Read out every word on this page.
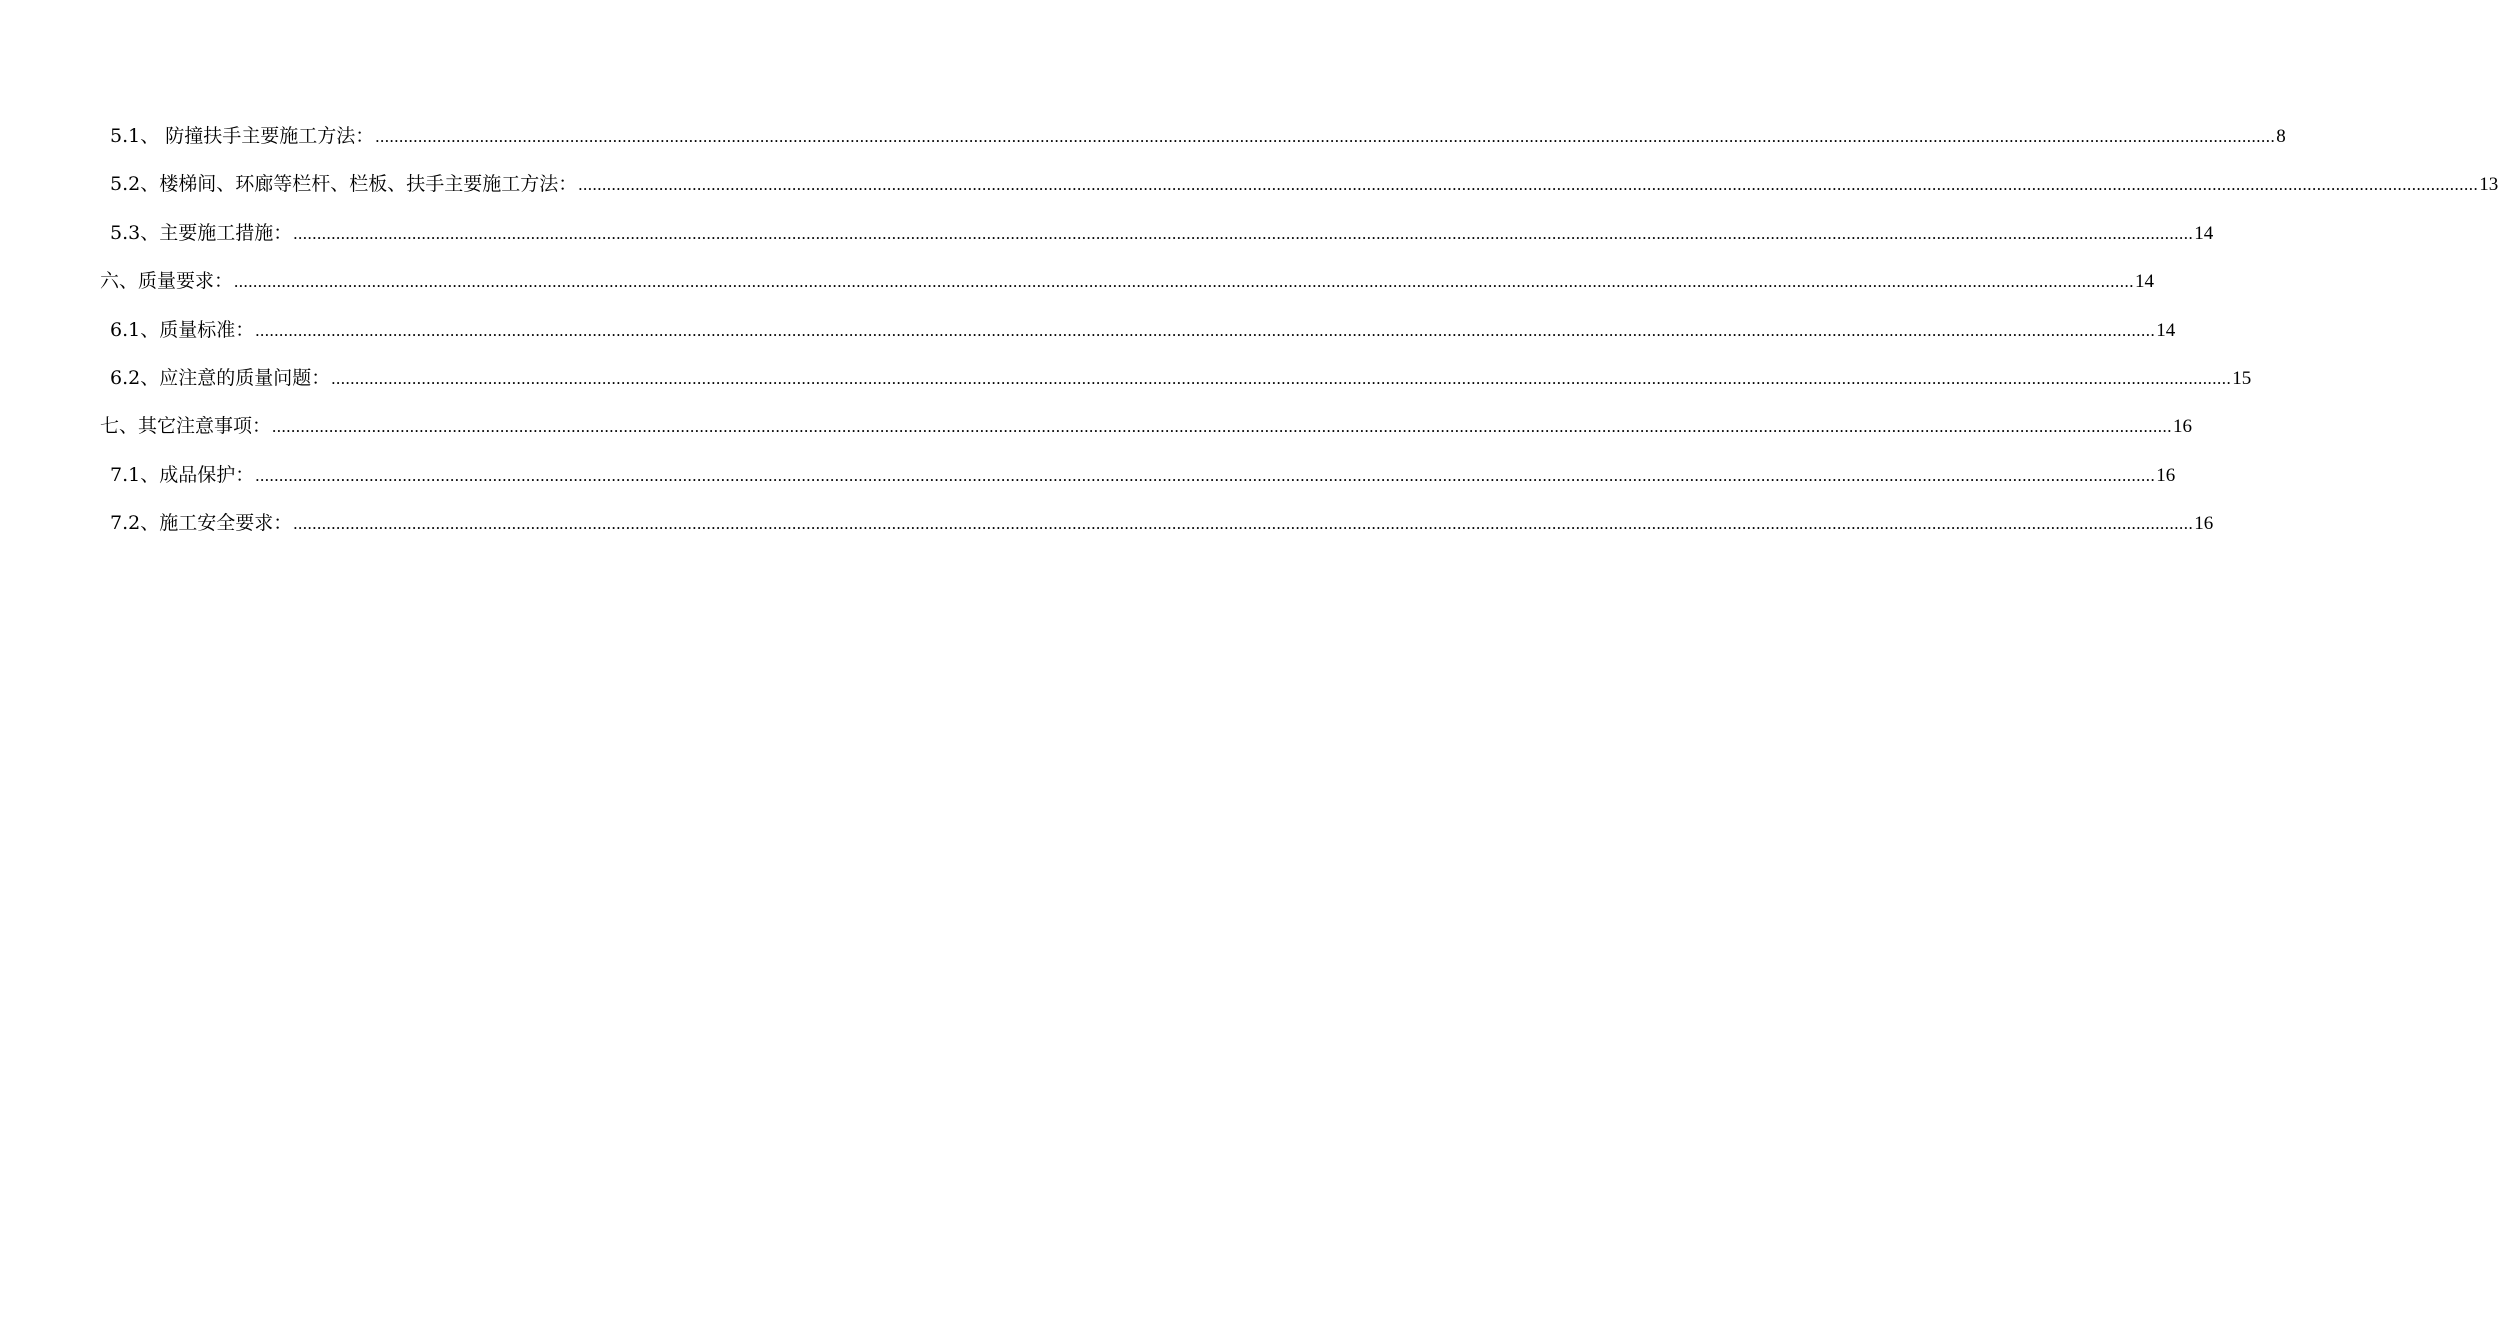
5.1、 防撞扶手主要施工方法： ................................................................................................................................................................................................................................................................................................................................................................................................................ 8
5.2、楼梯间、环廊等栏杆、栏板、扶手主要施工方法： ................................................................................................................................................................................................................................................................................................................................................................................................................ 13
5.3、主要施工措施： ................................................................................................................................................................................................................................................................................................................................................................................................................ 14
六、质量要求： ................................................................................................................................................................................................................................................................................................................................................................................................................ 14
6.1、质量标准： ................................................................................................................................................................................................................................................................................................................................................................................................................ 14
6.2、应注意的质量问题： ................................................................................................................................................................................................................................................................................................................................................................................................................ 15
七、其它注意事项： ................................................................................................................................................................................................................................................................................................................................................................................................................ 16
7.1、成品保护： ................................................................................................................................................................................................................................................................................................................................................................................................................ 16
7.2、施工安全要求： ................................................................................................................................................................................................................................................................................................................................................................................................................ 16
